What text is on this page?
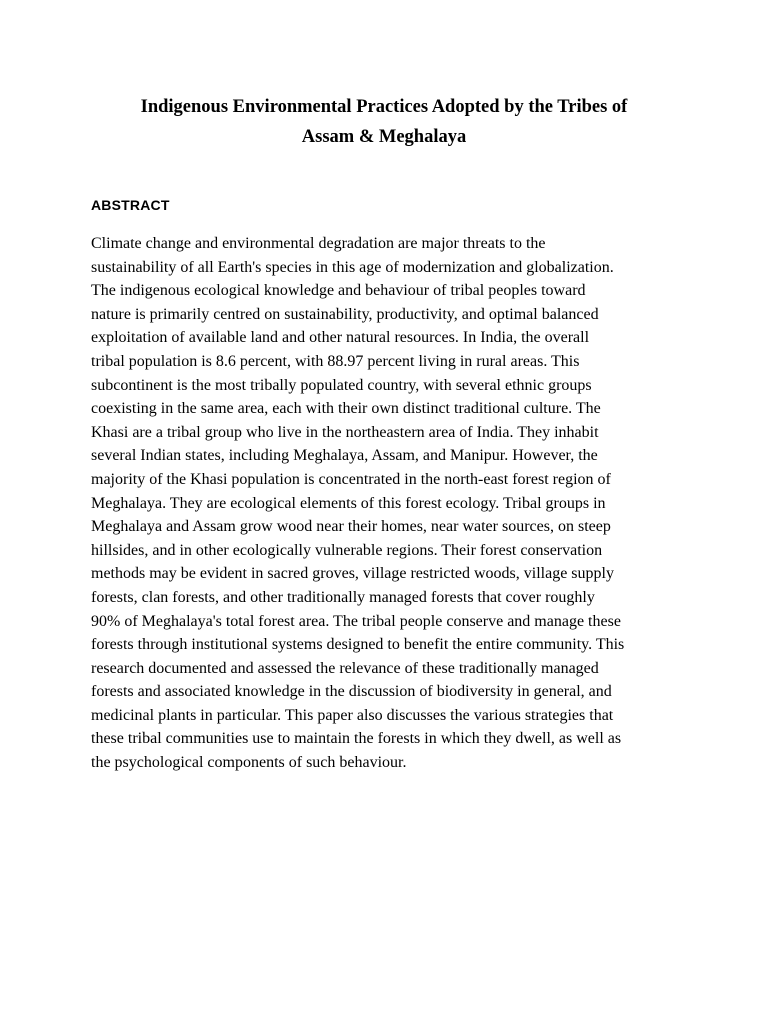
Indigenous Environmental Practices Adopted by the Tribes of
Assam & Meghalaya
ABSTRACT

Climate change and environmental degradation are major threats to the
sustainability of all Earth's species in this age of modernization and globalization.
The indigenous ecological knowledge and behaviour of tribal peoples toward
nature is primarily centred on sustainability, productivity, and optimal balanced
exploitation of available land and other natural resources. In India, the overall
tribal population is 8.6 percent, with 88.97 percent living in rural areas. This
subcontinent is the most tribally populated country, with several ethnic groups
coexisting in the same area, each with their own distinct traditional culture. The
Khasi are a tribal group who live in the northeastern area of India. They inhabit
several Indian states, including Meghalaya, Assam, and Manipur. However, the
majority of the Khasi population is concentrated in the north-east forest region of
Meghalaya. They are ecological elements of this forest ecology. Tribal groups in
Meghalaya and Assam grow wood near their homes, near water sources, on steep
hillsides, and in other ecologically vulnerable regions. Their forest conservation
methods may be evident in sacred groves, village restricted woods, village supply
forests, clan forests, and other traditionally managed forests that cover roughly
90% of Meghalaya's total forest area. The tribal people conserve and manage these
forests through institutional systems designed to benefit the entire community. This
research documented and assessed the relevance of these traditionally managed
forests and associated knowledge in the discussion of biodiversity in general, and
medicinal plants in particular. This paper also discusses the various strategies that
these tribal communities use to maintain the forests in which they dwell, as well as
the psychological components of such behaviour.
